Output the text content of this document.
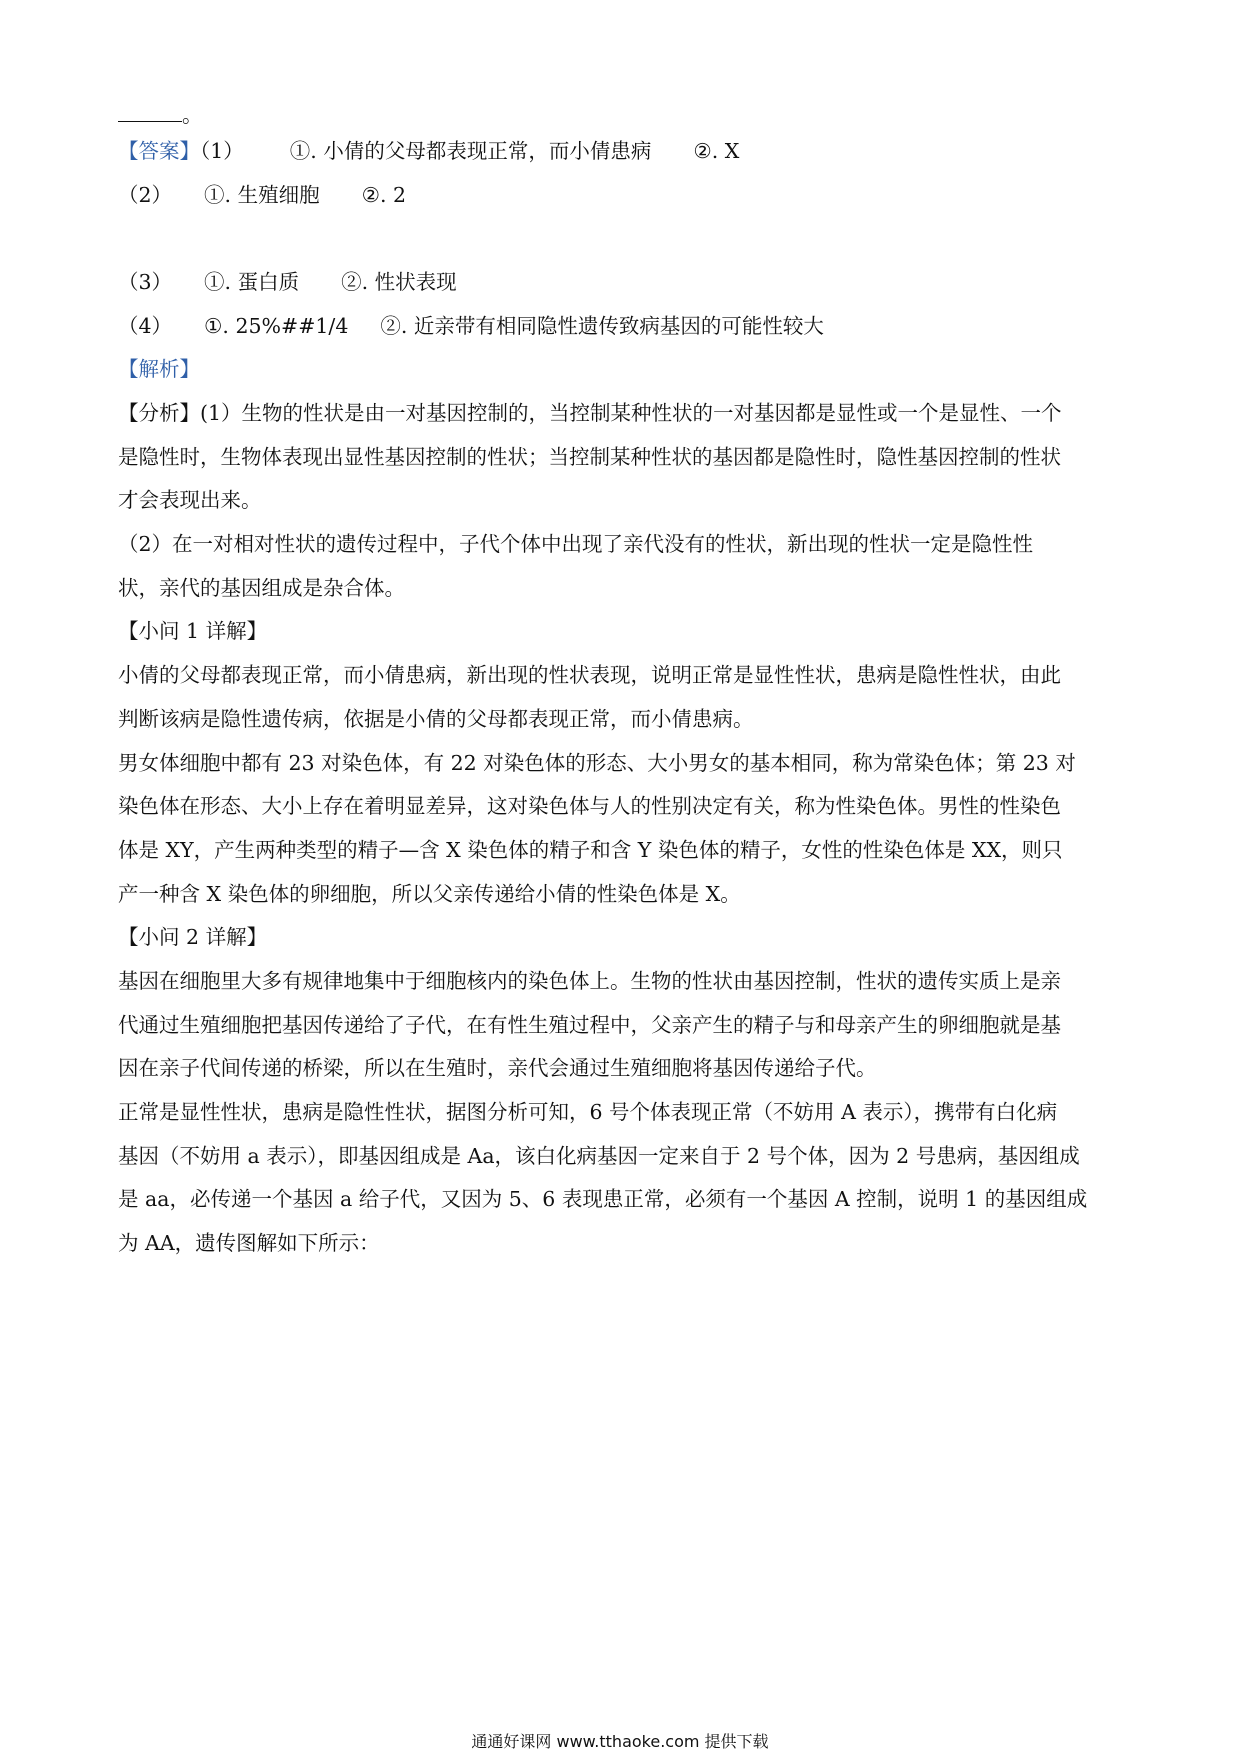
。
【答案】（1） ①. 小倩的父母都表现正常，而小倩患病 ②. X
（2） ①. 生殖细胞 ②. 2
（3） ①. 蛋白质 ②. 性状表现
（4） ①. 25%##1/4 ②. 近亲带有相同隐性遗传致病基因的可能性较大
【解析】
【分析】(1）生物的性状是由一对基因控制的，当控制某种性状的一对基因都是显性或一个是显性、一个
是隐性时，生物体表现出显性基因控制的性状；当控制某种性状的基因都是隐性时，隐性基因控制的性状
才会表现出来。
（2）在一对相对性状的遗传过程中，子代个体中出现了亲代没有的性状，新出现的性状一定是隐性性
状，亲代的基因组成是杂合体。
【小问 1 详解】
小倩的父母都表现正常，而小倩患病，新出现的性状表现，说明正常是显性性状，患病是隐性性状，由此
判断该病是隐性遗传病，依据是小倩的父母都表现正常，而小倩患病。
男女体细胞中都有 23 对染色体，有 22 对染色体的形态、大小男女的基本相同，称为常染色体；第 23 对
染色体在形态、大小上存在着明显差异，这对染色体与人的性别决定有关，称为性染色体。男性的性染色
体是 XY，产生两种类型的精子—含 X 染色体的精子和含 Y 染色体的精子，女性的性染色体是 XX，则只
产一种含 X 染色体的卵细胞，所以父亲传递给小倩的性染色体是 X。
【小问 2 详解】
基因在细胞里大多有规律地集中于细胞核内的染色体上。生物的性状由基因控制，性状的遗传实质上是亲
代通过生殖细胞把基因传递给了子代，在有性生殖过程中，父亲产生的精子与和母亲产生的卵细胞就是基
因在亲子代间传递的桥梁，所以在生殖时，亲代会通过生殖细胞将基因传递给子代。
正常是显性性状，患病是隐性性状，据图分析可知，6 号个体表现正常（不妨用 A 表示），携带有白化病
基因（不妨用 a 表示），即基因组成是 Aa，该白化病基因一定来自于 2 号个体，因为 2 号患病，基因组成
是 aa，必传递一个基因 a 给子代，又因为 5、6 表现患正常，必须有一个基因 A 控制，说明 1 的基因组成
为 AA，遗传图解如下所示：
通通好课网 www.tthaoke.com 提供下载
